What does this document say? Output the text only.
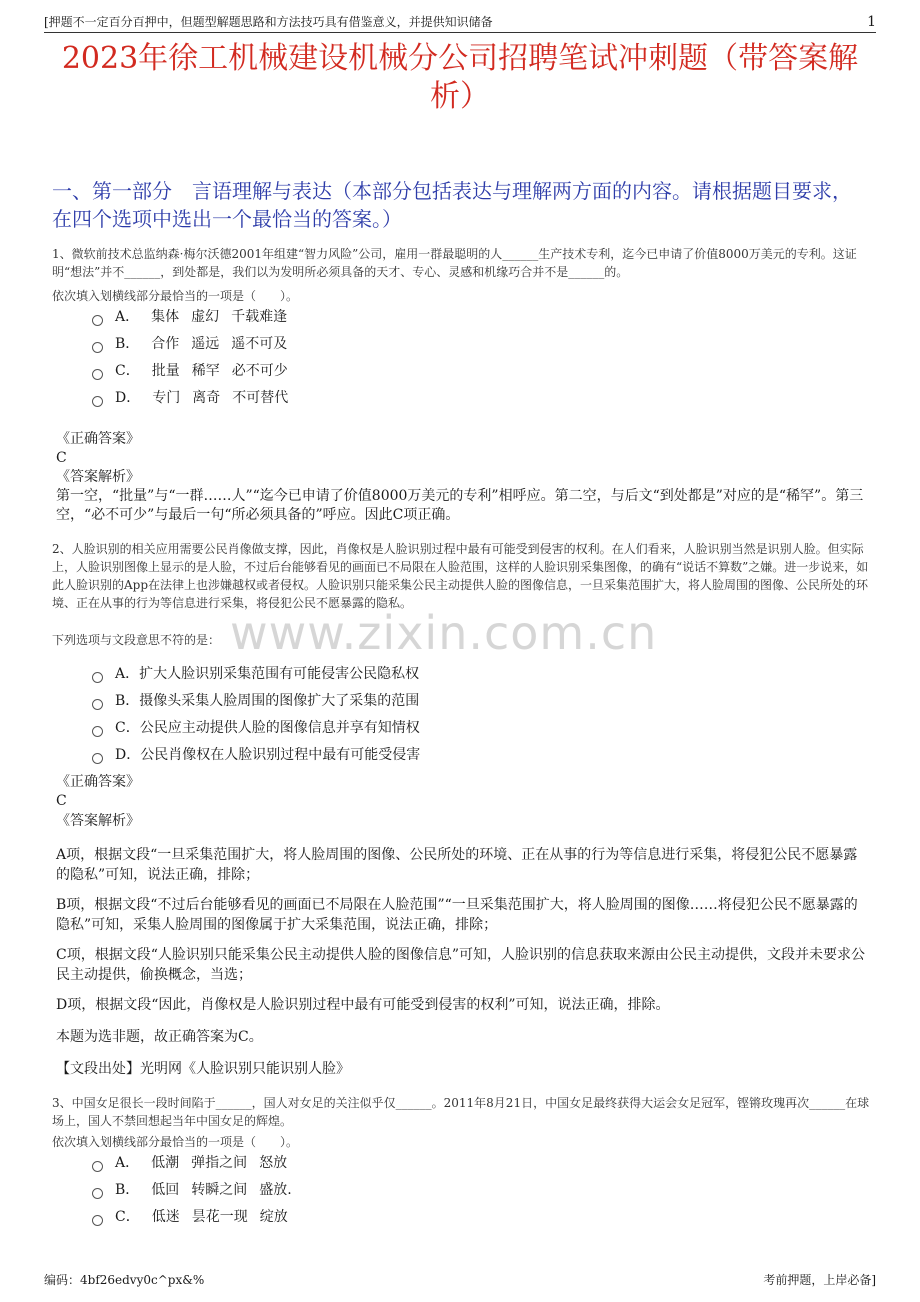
[押题不一定百分百押中，但题型解题思路和方法技巧具有借鉴意义，并提供知识储备	1
2023年徐工机械建设机械分公司招聘笔试冲刺题（带答案解析）
一、第一部分　言语理解与表达（本部分包括表达与理解两方面的内容。请根据题目要求，在四个选项中选出一个最恰当的答案。）
1、微软前技术总监纳森·梅尔沃德2001年组建“智力风险”公司，雇用一群最聪明的人______生产技术专利，迄今已申请了价值8000万美元的专利。这证明“想法”并不______，到处都是，我们以为发明所必须具备的天才、专心、灵感和机缘巧合并不是______的。
依次填入划横线部分最恰当的一项是（　　）。
A． 集体 虚幻 千载难逢
B． 合作 遥远 遥不可及
C． 批量 稀罕 必不可少
D． 专门 离奇 不可替代
《正确答案》
C
《答案解析》
第一空，“批量”与“一群……人”“迄今已申请了价值8000万美元的专利”相呼应。第二空，与后文“到处都是”对应的是“稀罕”。第三空，“必不可少”与最后一句“所必须具备的”呼应。因此C项正确。
2、人脸识别的相关应用需要公民肖像做支撑，因此，肖像权是人脸识别过程中最有可能受到侵害的权利。在人们看来，人脸识别当然是识别人脸。但实际上，人脸识别图像上显示的是人脸，不过后台能够看见的画面已不局限在人脸范围，这样的人脸识别采集图像，的确有“说话不算数”之嫌。进一步说来，如此人脸识别的App在法律上也涉嫌越权或者侵权。人脸识别只能采集公民主动提供人脸的图像信息，一旦采集范围扩大，将人脸周围的图像、公民所处的环境、正在从事的行为等信息进行采集，将侵犯公民不愿暴露的隐私。
www.zixin.com.cn
下列选项与文段意思不符的是：
A． 扩大人脸识别采集范围有可能侵害公民隐私权
B． 摄像头采集人脸周围的图像扩大了采集的范围
C． 公民应主动提供人脸的图像信息并享有知情权
D． 公民肖像权在人脸识别过程中最有可能受侵害
《正确答案》
C
《答案解析》
A项，根据文段“一旦采集范围扩大，将人脸周围的图像、公民所处的环境、正在从事的行为等信息进行采集，将侵犯公民不愿暴露的隐私”可知，说法正确，排除；
B项，根据文段“不过后台能够看见的画面已不局限在人脸范围”“一旦采集范围扩大，将人脸周围的图像……将侵犯公民不愿暴露的隐私”可知，采集人脸周围的图像属于扩大采集范围，说法正确，排除；
C项，根据文段“人脸识别只能采集公民主动提供人脸的图像信息”可知，人脸识别的信息获取来源由公民主动提供，文段并未要求公民主动提供，偷换概念，当选；
D项，根据文段“因此，肖像权是人脸识别过程中最有可能受到侵害的权利”可知，说法正确，排除。
本题为选非题，故正确答案为C。
【文段出处】光明网《人脸识别只能识别人脸》
3、中国女足很长一段时间陷于______，国人对女足的关注似乎仅______。2011年8月21日，中国女足最终获得大运会女足冠军，铿锵玫瑰再次______在球场上，国人不禁回想起当年中国女足的辉煌。
依次填入划横线部分最恰当的一项是（　　）。
A． 低潮 弹指之间 怒放
B． 低回 转瞬之间 盛放.
C． 低迷 昙花一现 绽放
编码：4bf26edvy0c^px&%	考前押题，上岸必备]
